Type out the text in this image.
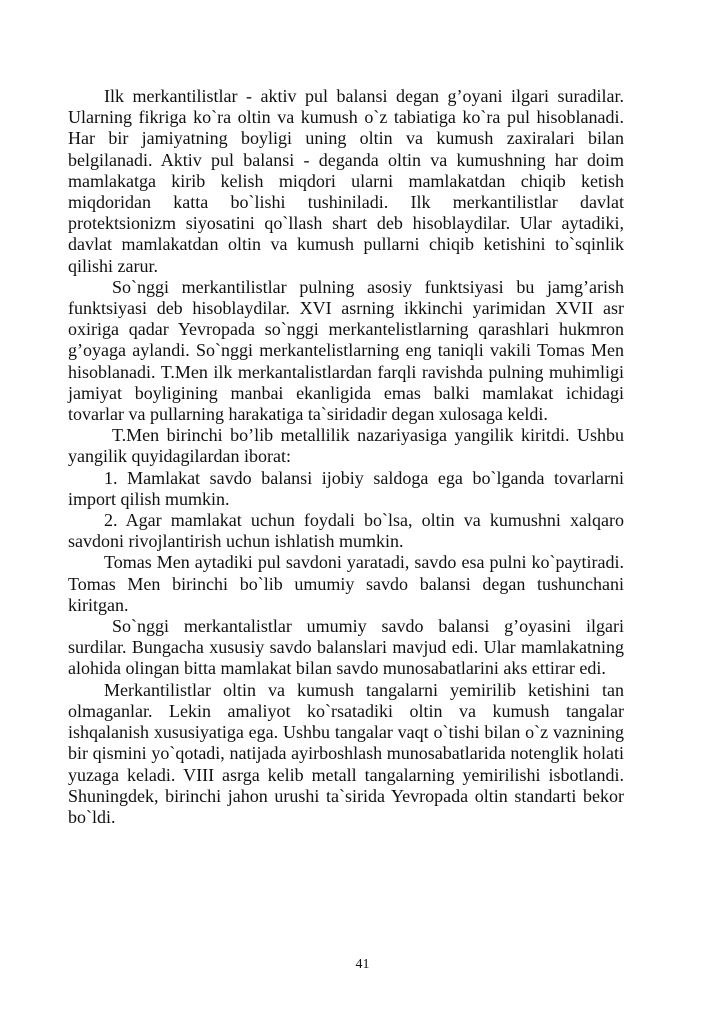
Ilk merkantilistlar - aktiv pul balansi degan g’oyani ilgari suradilar. Ularning fikriga ko`ra oltin va kumush o`z tabiatiga ko`ra pul hisoblanadi. Har bir jamiyatning boyligi uning oltin va kumush zaxiralari bilan belgilanadi. Aktiv pul balansi - deganda oltin va kumushning har doim mamlakatga kirib kelish miqdori ularni mamlakatdan chiqib ketish miqdoridan katta bo`lishi tushiniladi. Ilk merkantilistlar davlat protektsionizm siyosatini qo`llash shart deb hisoblaydilar. Ular aytadiki, davlat mamlakatdan oltin va kumush pullarni chiqib ketishini to`sqinlik qilishi zarur.

So`nggi merkantilistlar pulning asosiy funktsiyasi bu jamg’arish funktsiyasi deb hisoblaydilar. XVI asrning ikkinchi yarimidan XVII asr oxiriga qadar Yevropada so`nggi merkantelistlarning qarashlari hukmron g’oyaga aylandi. So`nggi merkantelistlarning eng taniqli vakili Tomas Men hisoblanadi. T.Men ilk merkantalistlardan farqli ravishda pulning muhimligi jamiyat boyligining manbai ekanligida emas balki mamlakat ichidagi tovarlar va pullarning harakatiga ta`siridadir degan xulosaga keldi.

T.Men birinchi bo’lib metallilik nazariyasiga yangilik kiritdi. Ushbu yangilik quyidagilardan iborat:

1. Mamlakat savdo balansi ijobiy saldoga ega bo`lganda tovarlarni import qilish mumkin.

2. Agar mamlakat uchun foydali bo`lsa, oltin va kumushni xalqaro savdoni rivojlantirish uchun ishlatish mumkin.

Tomas Men aytadiki pul savdoni yaratadi, savdo esa pulni ko`paytiradi. Tomas Men birinchi bo`lib umumiy savdo balansi degan tushunchani kiritgan.

So`nggi merkantalistlar umumiy savdo balansi g’oyasini ilgari surdilar. Bungacha xususiy savdo balanslari mavjud edi. Ular mamlakatning alohida olingan bitta mamlakat bilan savdo munosabatlarini aks ettirar edi.

Merkantilistlar oltin va kumush tangalarni yemirilib ketishini tan olmaganlar. Lekin amaliyot ko`rsatadiki oltin va kumush tangalar ishqalanish xususiyatiga ega. Ushbu tangalar vaqt o`tishi bilan o`z vaznining bir qismini yo`qotadi, natijada ayirboshlash munosabatlarida notenglik holati yuzaga keladi. VIII asrga kelib metall tangalarning yemirilishi isbotlandi. Shuningdek, birinchi jahon urushi ta`sirida Yevropada oltin standarti bekor bo`ldi.

41
